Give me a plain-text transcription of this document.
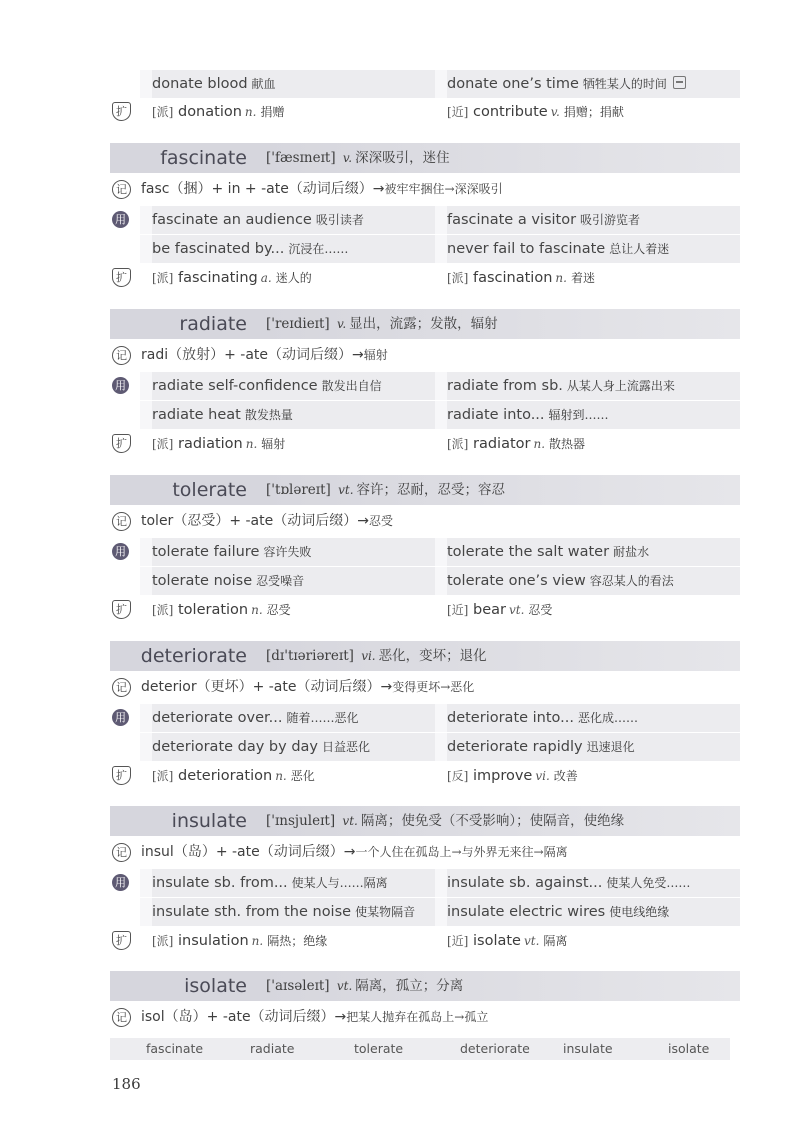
donate blood 献血	donate one’s time 牺牲某人的时间
扩	[派] donation n. 捐赠	[近] contribute v. 捐赠；捐献
fascinate ['fæsɪneɪt] v. 深深吸引，迷住
记 fasc（捆）+ in + -ate（动词后缀）→被牢牢捆住→深深吸引
用	fascinate an audience 吸引读者	fascinate a visitor 吸引游览者
be fascinated by... 沉浸在……	never fail to fascinate 总让人着迷
扩	[派] fascinating a. 迷人的	[派] fascination n. 着迷
radiate ['reɪdieɪt] v. 显出，流露；发散，辐射
记 radi（放射）+ -ate（动词后缀）→辐射
用	radiate self-confidence 散发出自信	radiate from sb. 从某人身上流露出来
radiate heat 散发热量	radiate into... 辐射到……
扩	[派] radiation n. 辐射	[派] radiator n. 散热器
tolerate ['tɒləreɪt] vt. 容许；忍耐，忍受；容忍
记 toler（忍受）+ -ate（动词后缀）→忍受
用	tolerate failure 容许失败	tolerate the salt water 耐盐水
tolerate noise 忍受噪音	tolerate one’s view 容忍某人的看法
扩	[派] toleration n. 忍受	[近] bear vt. 忍受
deteriorate [dɪ'tɪəriəreɪt] vi. 恶化，变坏；退化
记 deterior（更坏）+ -ate（动词后缀）→变得更坏→恶化
用	deteriorate over... 随着……恶化	deteriorate into... 恶化成……
deteriorate day by day 日益恶化	deteriorate rapidly 迅速退化
扩	[派] deterioration n. 恶化	[反] improve vi. 改善
insulate ['ɪnsjuleɪt] vt. 隔离；使免受（不受影响）；使隔音，使绝缘
记 insul（岛）+ -ate（动词后缀）→一个人住在孤岛上→与外界无来往→隔离
用	insulate sb. from... 使某人与……隔离	insulate sb. against... 使某人免受……
insulate sth. from the noise 使某物隔音	insulate electric wires 使电线绝缘
扩	[派] insulation n. 隔热；绝缘	[近] isolate vt. 隔离
isolate ['aɪsəleɪt] vt. 隔离，孤立；分离
记 isol（岛）+ -ate（动词后缀）→把某人抛弃在孤岛上→孤立
fascinate	radiate	tolerate	deteriorate	insulate	isolate
186
